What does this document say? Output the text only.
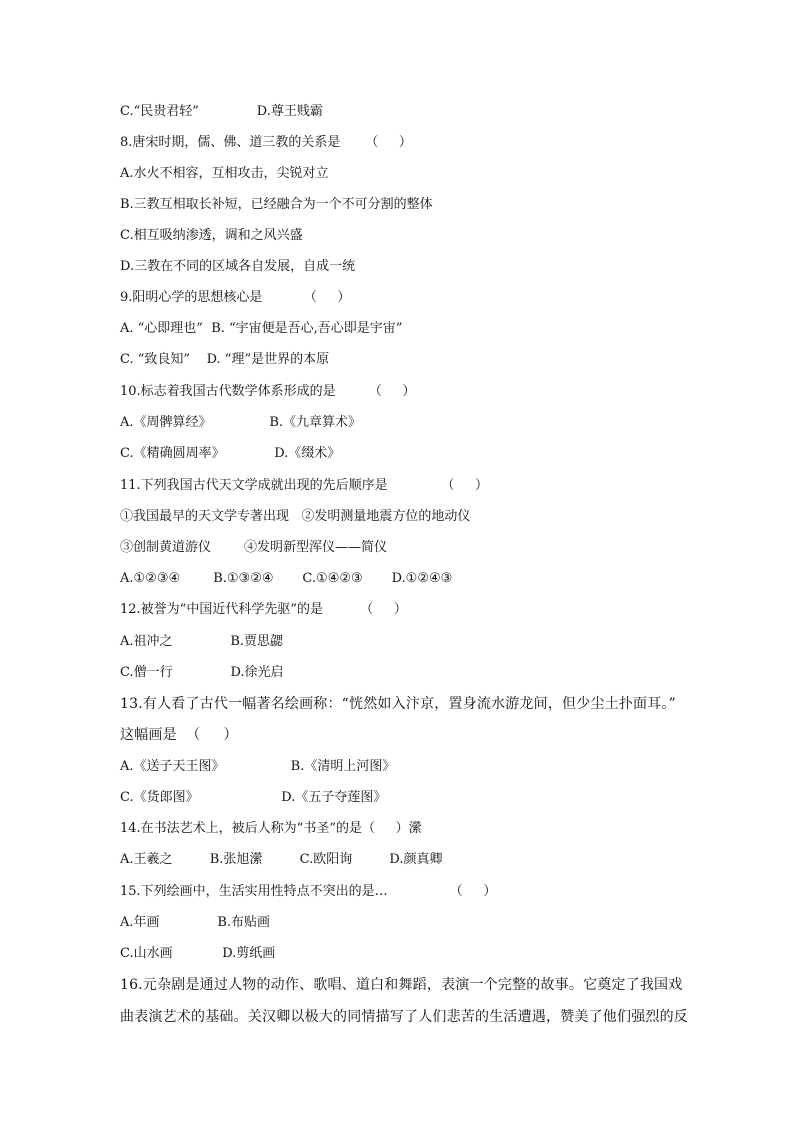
C.“民贵君轻”              D.尊王贱霸
8.唐宋时期，儒、佛、道三教的关系是      （     ）
A.水火不相容，互相攻击，尖锐对立
B.三教互相取长补短，已经融合为一个不可分割的整体
C.相互吸纳渗透，调和之风兴盛
D.三教在不同的区域各自发展，自成一统
9.阳明心学的思想核心是          （     ）
A. “心即理也”  B. “宇宙便是吾心,吾心即是宇宙”
C. “致良知”    D. “理”是世界的本原
10.标志着我国古代数学体系形成的是        （     ）
A.《周髀算经》              B.《九章算术》
C.《精确圆周率》            D.《缀术》
11.下列我国古代天文学成就出现的先后顺序是             （     ）
①我国最早的天文学专著出现   ②发明测量地震方位的地动仪
③创制黄道游仪        ④发明新型浑仪——简仪
A.①②③④        B.①③②④       C.①④②③       D.①②④③
12.被誉为“中国近代科学先驱”的是         （     ）
A.祖冲之              B.贾思勰
C.僧一行              D.徐光启
13.有人看了古代一幅著名绘画称：“恍然如入汴京，置身流水游龙间，但少尘土扑面耳。”
这幅画是  （     ）
A.《送子天王图》                B.《清明上河图》
C.《货郎图》                    D.《五子夺莲图》
14.在书法艺术上，被后人称为“书圣”的是（     ）瀠
A.王羲之         B.张旭瀠         C.欧阳询         D.颜真卿
15.下列绘画中，生活实用性特点不突出的是…               （     ）
A.年画              B.布贴画
C.山水画            D.剪纸画
16.元杂剧是通过人物的动作、歌唱、道白和舞蹈，表演一个完整的故事。它奠定了我国戏
曲表演艺术的基础。关汉卿以极大的同情描写了人们悲苦的生活遭遇，赞美了他们强烈的反
